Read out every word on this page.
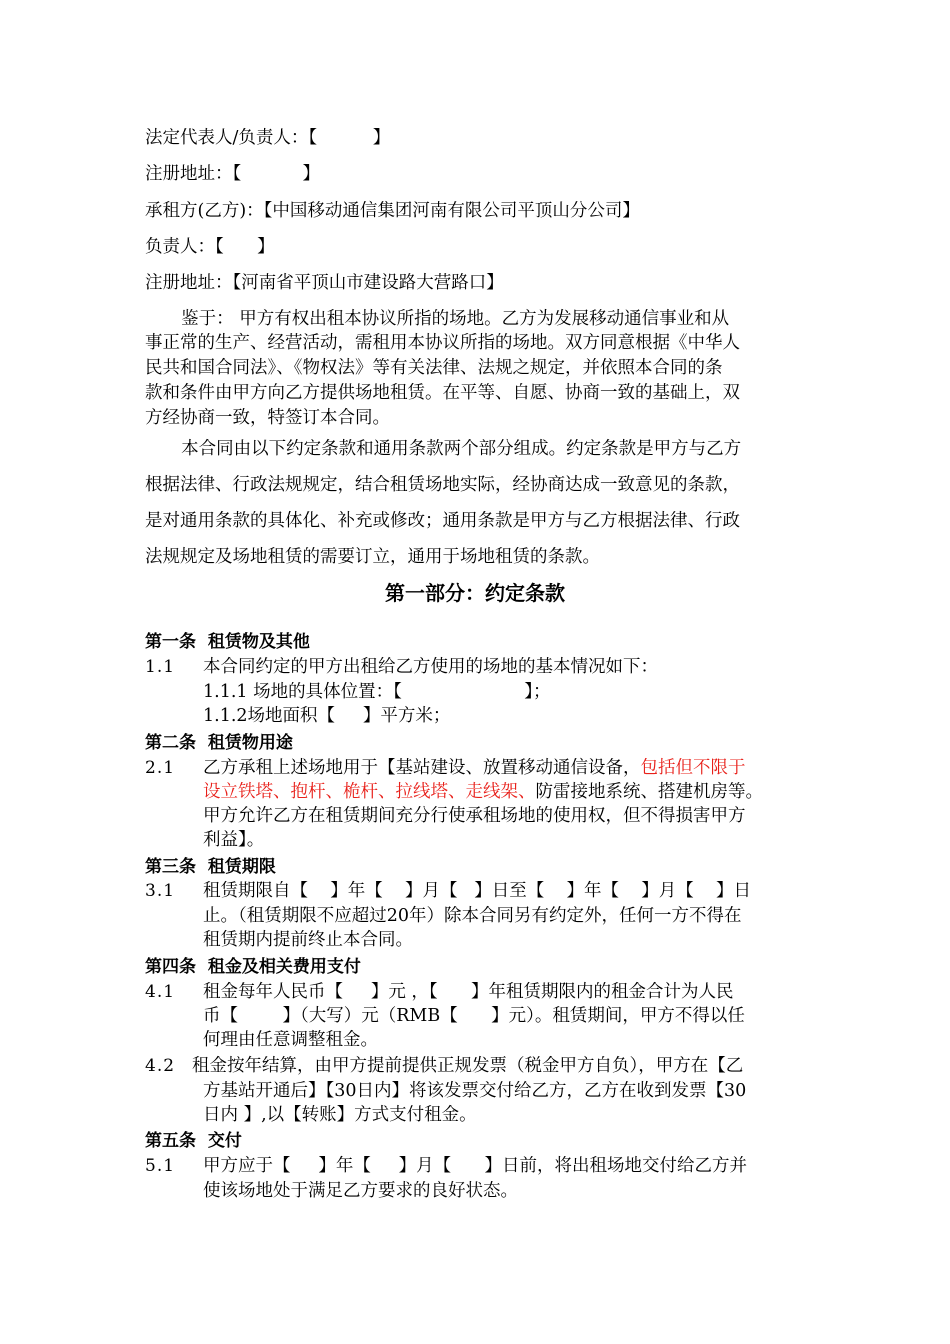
法定代表人/负责人：【          】

注册地址：【           】

承租方(乙方)：【中国移动通信集团河南有限公司平顶山分公司】

负责人：【      】

注册地址：【河南省平顶山市建设路大营路口】

鉴于： 甲方有权出租本协议所指的场地。乙方为发展移动通信事业和从

事正常的生产、经营活动，需租用本协议所指的场地。双方同意根据《中华人

民共和国合同法》、《物权法》等有关法律、法规之规定，并依照本合同的条

款和条件由甲方向乙方提供场地租赁。在平等、自愿、协商一致的基础上，双

方经协商一致，特签订本合同。

本合同由以下约定条款和通用条款两个部分组成。约定条款是甲方与乙方

根据法律、行政法规规定，结合租赁场地实际，经协商达成一致意见的条款，

是对通用条款的具体化、补充或修改；通用条款是甲方与乙方根据法律、行政

法规规定及场地租赁的需要订立，通用于场地租赁的条款。

第一部分：约定条款

第一条  租赁物及其他

1.1 本合同约定的甲方出租给乙方使用的场地的基本情况如下：
1.1.1 场地的具体位置：【                      】；
1.1.2场地面积【     】平方米；

第二条  租赁物用途

2.1 乙方承租上述场地用于【基站建设、放置移动通信设备，包括但不限于
设立铁塔、抱杆、桅杆、拉线塔、走线架、防雷接地系统、搭建机房等。
甲方允许乙方在租赁期间充分行使承租场地的使用权，但不得损害甲方
利益】。

第三条  租赁期限

3.1 租赁期限自【    】年【    】月【   】日至【    】年【    】月【    】日
止。（租赁期限不应超过20年）除本合同另有约定外，任何一方不得在
租赁期内提前终止本合同。

第四条  租金及相关费用支付

4.1 租金每年人民币【     】元 ，【      】年租赁期限内的租金合计为人民
币【        】（大写）元（RMB【      】元）。租赁期间，甲方不得以任
何理由任意调整租金。
4.2 租金按年结算，由甲方提前提供正规发票（税金甲方自负），甲方在【乙
方基站开通后】【30日内】将该发票交付给乙方，乙方在收到发票【30
日内 】,以【转账】方式支付租金。

第五条  交付

5.1 甲方应于【     】年【     】月【      】日前，将出租场地交付给乙方并
使该场地处于满足乙方要求的良好状态。
